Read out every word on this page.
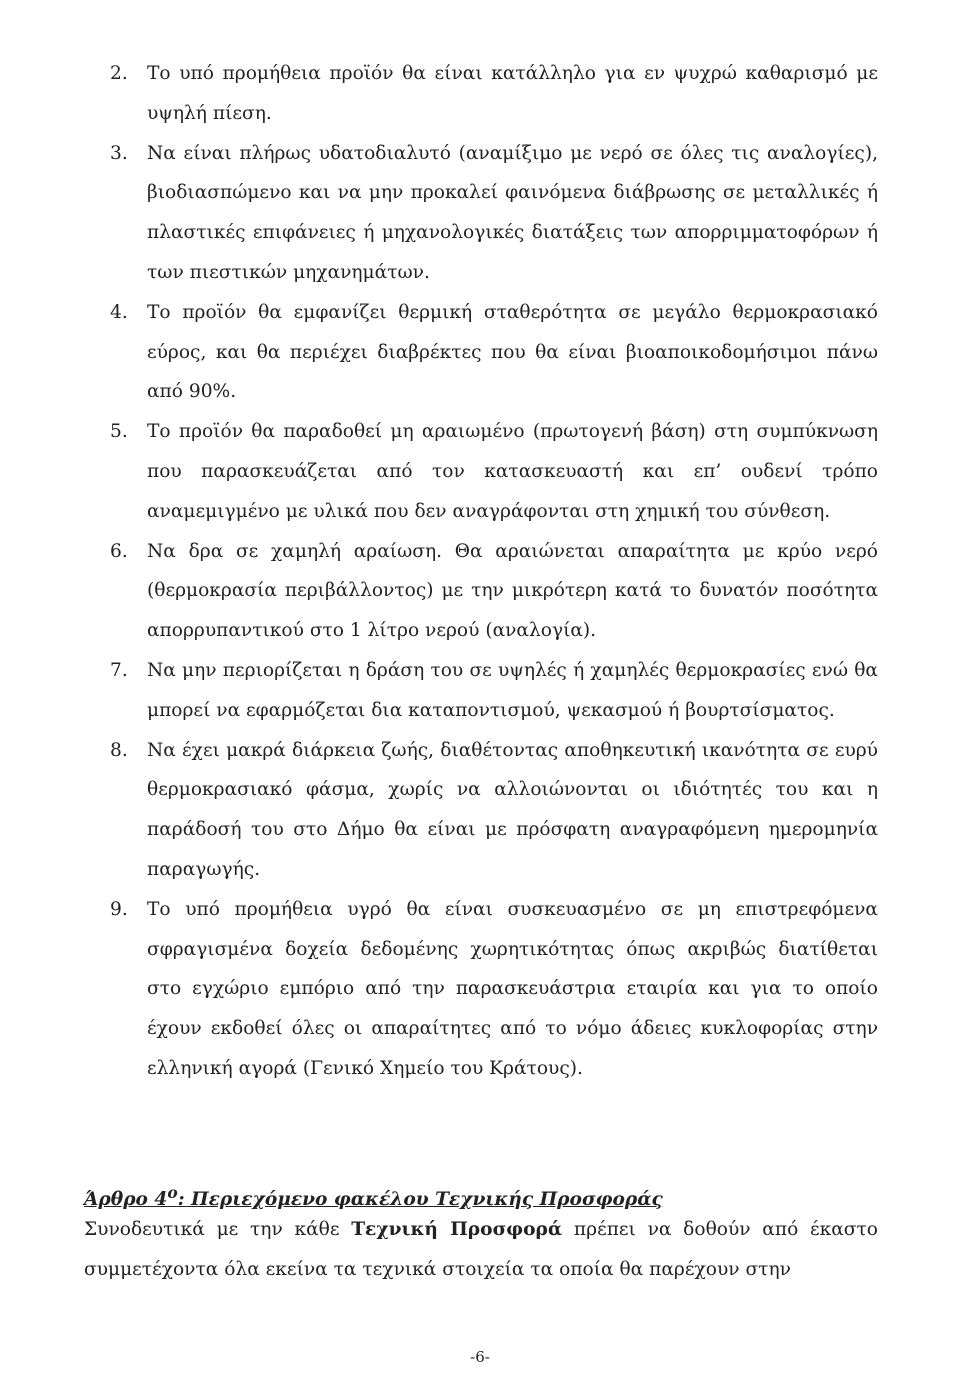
2.	Το υπό προμήθεια προϊόν θα είναι κατάλληλο για εν ψυχρώ καθαρισμό με υψηλή πίεση.
3.	Να είναι πλήρως υδατοδιαλυτό (αναμίξιμο με νερό σε όλες τις αναλογίες), βιοδιασπώμενο και να μην προκαλεί φαινόμενα διάβρωσης σε μεταλλικές ή πλαστικές επιφάνειες ή μηχανολογικές διατάξεις των απορριμματοφόρων ή των πιεστικών μηχανημάτων.
4.	Το προϊόν θα εμφανίζει θερμική σταθερότητα σε μεγάλο θερμοκρασιακό εύρος, και θα περιέχει διαβρέκτες που θα είναι βιοαποικοδομήσιμοι πάνω από 90%.
5.	Το προϊόν θα παραδοθεί μη αραιωμένο (πρωτογενή βάση) στη συμπύκνωση που παρασκευάζεται από τον κατασκευαστή και επ’ ουδενί τρόπο αναμεμιγμένο με υλικά που δεν αναγράφονται στη χημική του σύνθεση.
6.	Να δρα σε χαμηλή αραίωση. Θα αραιώνεται απαραίτητα με κρύο νερό (θερμοκρασία περιβάλλοντος) με την μικρότερη κατά το δυνατόν ποσότητα απορρυπαντικού στο 1 λίτρο νερού (αναλογία).
7.	Να μην περιορίζεται η δράση του σε υψηλές ή χαμηλές θερμοκρασίες ενώ θα μπορεί να εφαρμόζεται δια καταποντισμού, ψεκασμού ή βουρτσίσματος.
8.	Να έχει μακρά διάρκεια ζωής, διαθέτοντας αποθηκευτική ικανότητα σε ευρύ θερμοκρασιακό φάσμα, χωρίς να αλλοιώνονται οι ιδιότητές του και η παράδοσή του στο Δήμο θα είναι με πρόσφατη αναγραφόμενη ημερομηνία παραγωγής.
9.	Το υπό προμήθεια υγρό θα είναι συσκευασμένο σε μη επιστρεφόμενα σφραγισμένα δοχεία δεδομένης χωρητικότητας όπως ακριβώς διατίθεται στο εγχώριο εμπόριο από την παρασκευάστρια εταιρία και για το οποίο έχουν εκδοθεί όλες οι απαραίτητες από το νόμο άδειες κυκλοφορίας στην ελληνική αγορά (Γενικό Χημείο του Κράτους).
Άρθρο $4^o$: Περιεχόμενο φακέλου Τεχνικής Προσφοράς
Συνοδευτικά με την κάθε Τεχνική Προσφορά πρέπει να δοθούν από έκαστο συμμετέχοντα όλα εκείνα τα τεχνικά στοιχεία τα οποία θα παρέχουν στην
-6-
